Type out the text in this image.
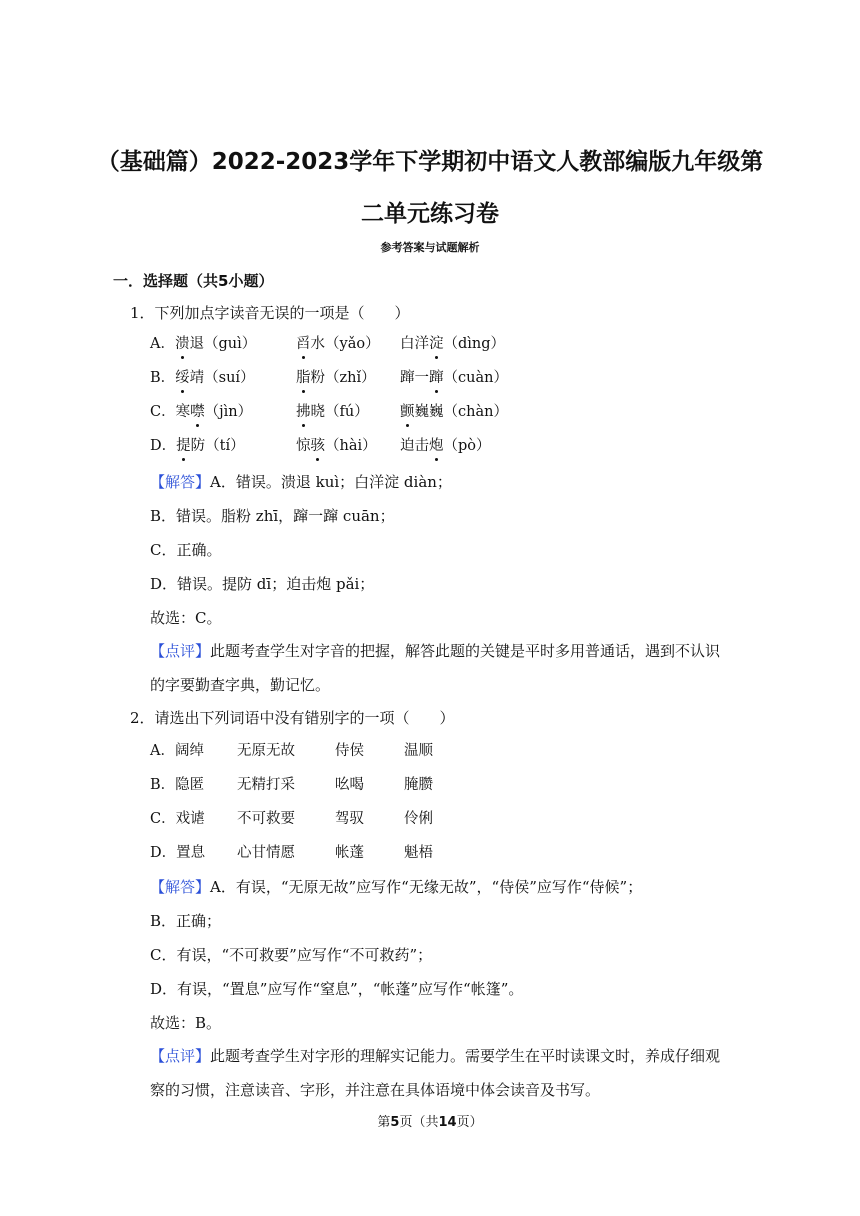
（基础篇）2022-2023学年下学期初中语文人教部编版九年级第
二单元练习卷
参考答案与试题解析
一．选择题（共5小题）
1．下列加点字读音无误的一项是（　　）
A．溃退（guì）	舀水（yǎo） 白洋淀（dìng）
B．绥靖（suí）	脂粉（zhǐ） 蹿一蹿（cuàn）
C．寒噤（jìn）	拂晓（fú） 颤巍巍（chàn）
D．提防（tí）	惊骇（hài） 迫击炮（pò）
【解答】A．错误。溃退 kuì；白洋淀 diàn；
B．错误。脂粉 zhī，蹿一蹿 cuān；
C．正确。
D．错误。提防 dī；迫击炮 pǎi；
故选：C。
【点评】此题考查学生对字音的把握，解答此题的关键是平时多用普通话，遇到不认识
的字要勤查字典，勤记忆。
2．请选出下列词语中没有错别字的一项（　　）
A．阔绰 无原无故	侍侯	温顺
B．隐匿 无精打采	吆喝	腌臜
C．戏谑 不可救要	驾驭	伶俐
D．置息 心甘情愿	帐蓬	魁梧
【解答】A．有误，“无原无故”应写作“无缘无故”，“侍侯”应写作“侍候”；
B．正确；
C．有误，“不可救要”应写作“不可救药”；
D．有误，“置息”应写作“窒息”，“帐蓬”应写作“帐篷”。
故选：B。
【点评】此题考查学生对字形的理解实记能力。需要学生在平时读课文时，养成仔细观
察的习惯，注意读音、字形，并注意在具体语境中体会读音及书写。
第5页（共14页）
